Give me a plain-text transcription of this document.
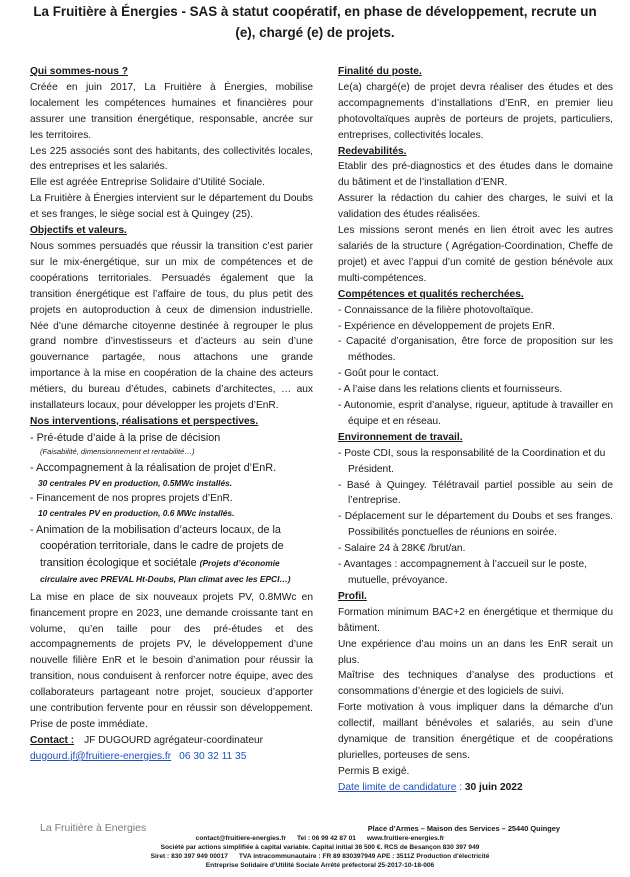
La Fruitière à Énergies - SAS à statut coopératif, en phase de développement, recrute un
(e), chargé (e) de projets.

Qui sommes-nous ?

Créée en juin 2017, La Fruitière à Énergies, mobilise localement les compétences humaines et financières pour assurer une transition énergétique, responsable, ancrée sur les territoires.

Les 225 associés sont des habitants, des collectivités locales, des entreprises et les salariés.

Elle est agréée Entreprise Solidaire d’Utilité Sociale.

La Fruitière à Énergies intervient sur le département du Doubs et ses franges, le siège social est à Quingey (25).

Objectifs et valeurs.

Nous sommes persuadés que réussir la transition c’est parier sur le mix-énergétique, sur un mix de compétences et de coopérations territoriales. Persuadés également que la transition énergétique est l’affaire de tous, du plus petit des projets en autoproduction à ceux de dimension industrielle. Née d’une démarche citoyenne destinée à regrouper le plus grand nombre d’investisseurs et d’acteurs au sein d’une gouvernance partagée, nous attachons une grande importance à la mise en coopération de la chaine des acteurs métiers, du bureau d’études, cabinets d’architectes, … aux installateurs locaux, pour développer les projets d’EnR.

Nos interventions, réalisations et perspectives.

- Pré-étude d’aide à la prise de décision

(Faisabilité, dimensionnement et rentabilité…)

- Accompagnement à la réalisation de projet d’EnR.

30 centrales PV en production, 0.5MWc installés.

- Financement de nos propres projets d’EnR.

10 centrales PV en production, 0.6 MWc installés.

- Animation de la mobilisation d’acteurs locaux, de la coopération territoriale, dans le cadre de projets de transition écologique et sociétale (Projets d’économie circulaire avec PREVAL Ht-Doubs, Plan climat avec les EPCI…)

La mise en place de six nouveaux projets PV, 0.8MWc en financement propre en 2023, une demande croissante tant en volume, qu’en taille pour des pré-études et des accompagnements de projets PV, le développement d’une nouvelle filière EnR et le besoin d’animation pour réussir la transition, nous conduisent à renforcer notre équipe, avec des collaborateurs partageant notre projet, soucieux d’apporter une contribution fervente pour en réussir son développement. Prise de poste immédiate.

Contact : JF DUGOURD agrégateur-coordinateur

dugourd.jf@fruitiere-energies.fr 06 30 32 11 35

Finalité du poste.

Le(a) chargé(e) de projet devra réaliser des études et des accompagnements d’installations d’EnR, en premier lieu photovoltaïques auprès de porteurs de projets, particuliers, entreprises, collectivités locales.

Redevabilités.

Etablir des pré-diagnostics et des études dans le domaine du bâtiment et de l’installation d’ENR.

Assurer la rédaction du cahier des charges, le suivi et la validation des études réalisées.

Les missions seront menés en lien étroit avec les autres salariés de la structure ( Agrégation-Coordination, Cheffe de projet) et avec l’appui d’un comité de gestion bénévole aux multi-compétences.

Compétences et qualités recherchées.

- Connaissance de la filière photovoltaïque.

- Expérience en développement de projets EnR.

- Capacité d’organisation, être force de proposition sur les méthodes.

- Goût pour le contact.

- A l’aise dans les relations clients et fournisseurs.

- Autonomie, esprit d’analyse, rigueur, aptitude à travailler en équipe et en réseau.

Environnement de travail.

- Poste CDI, sous la responsabilité de la Coordination et du Président.

- Basé à Quingey. Télétravail partiel possible au sein de l’entreprise.

- Déplacement sur le département du Doubs et ses franges. Possibilités ponctuelles de réunions en soirée.

- Salaire 24 à 28K€ /brut/an.

- Avantages : accompagnement à l’accueil sur le poste, mutuelle, prévoyance.

Profil.

Formation minimum BAC+2 en énergétique et thermique du bâtiment.

Une expérience d’au moins un an dans les EnR serait un plus.

Maîtrise des techniques d’analyse des productions et consommations d’énergie et des logiciels de suivi.

Forte motivation à vous impliquer dans la démarche d’un collectif, maillant bénévoles et salariés, au sein d’une dynamique de transition énergétique et de coopérations plurielles, porteuses de sens.

Permis B exigé.

Date limite de candidature : 30 juin 2022

La Fruitière à Energies	Place d’Armes – Maison des Services – 25440 Quingey
contact@fruitiere-energies.fr      Tel : 06 99 42 87 01      www.fruitiere-energies.fr
Société par actions simplifiée à capital variable. Capital initial 36 500 €. RCS de Besançon 830 397 949
Siret : 830 397 949 00017      TVA intracommunautaire : FR 89 830397949 APE : 3511Z Production d'électricité
Entreprise Solidaire d’Utilité Sociale Arrêté préfectoral 25-2017-10-18-006
